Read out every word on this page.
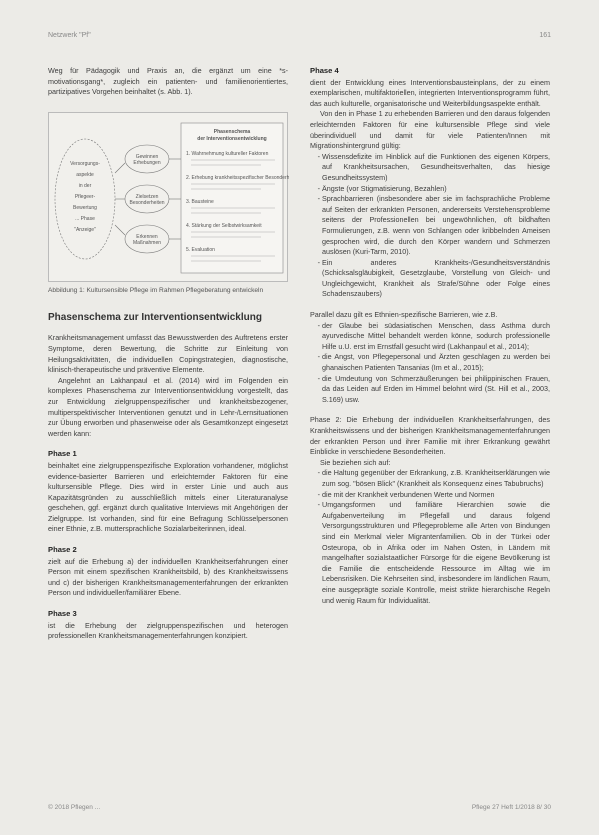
Netzwerk "Pf"	161

Weg für Pädagogik und Praxis an, die ergänzt um eine *s-motivationsgang*, zugleich ein patienten- und familienorientiertes, partizipatives Vorgehen beinhaltet (s. Abb. 1).

Versorgungs-
aspekte
in der
Pflegeer-
Bewertung
... Phase
"Anzeige"
Gewinnen
Erhebungen
Zielsetzen
Besonderheiten
Erkennen
Maßnahmen
Phasenschema
der Interventionsentwicklung
1. Wahrnehmung kultureller Faktoren
2. Erhebung krankheitsspezifischer Besonderheiten
3. Bausteine
4. Stärkung der Selbstwirksamkeit
5. Evaluation
Abbildung 1: Kultursensible Pflege im Rahmen Pflegeberatung entwickeln
Phasenschema zur Interventionsentwicklung

Krankheitsmanagement umfasst das Bewusstwerden des Auftretens erster Symptome, deren Bewertung, die Schritte zur Einleitung von Heilungsaktivitäten, die individuellen Copingstrategien, diagnostische, klinisch-therapeutische und präventive Elemente.

Angelehnt an Lakhanpaul et al. (2014) wird im Folgenden ein komplexes Phasenschema zur Interventionsentwicklung vorgestellt, das zur Entwicklung zielgruppenspezifischer und krankheitsbezogener, multiperspektivischer Interventionen genutzt und in Lehr-/Lernsituationen zur Übung erworben und phasenweise oder als Gesamtkonzept eingesetzt werden kann:

Phase 1

beinhaltet eine zielgruppenspezifische Exploration vorhandener, möglichst evidence-basierter Barrieren und erleichternder Faktoren für eine kultursensible Pflege. Dies wird in erster Linie und auch aus Kapazitätsgründen zu ausschließlich mittels einer Literaturanalyse geschehen, ggf. ergänzt durch qualitative Interviews mit Angehörigen der Zielgruppe. Ist vorhanden, sind für eine Befragung Schlüsselpersonen einer Ethnie, z.B. muttersprachliche Sozialarbeiterinnen, ideal.

Phase 2

zielt auf die Erhebung a) der individuellen Krankheitserfahrungen einer Person mit einem spezifischen Krankheitsbild, b) des Krankheitswissens und c) der bisherigen Krankheitsmanagementerfahrungen der erkrankten Person und individueller/familiärer Ebene.

Phase 3

ist die Erhebung der zielgruppenspezifischen und heterogen professionellen Krankheitsmanagementerfahrungen konzipiert.

Phase 4

dient der Entwicklung eines Interventionsbausteinplans, der zu einem exemplarischen, multifaktoriellen, integrierten Interventionsprogramm führt, das auch kulturelle, organisatorische und Weiterbildungsaspekte enthält.

Von den in Phase 1 zu erhebenden Barrieren und den daraus folgenden erleichternden Faktoren für eine kultursensible Pflege sind viele überindividuell und damit für viele Patienten/Innen mit Migrationshintergrund gültig:

• Wissensdefizite im Hinblick auf die Funktionen des eigenen Körpers, auf Krankheitsursachen, Gesundheitsverhalten, das hiesige Gesundheitssystem)
• Ängste (vor Stigmatisierung, Bezahlen)
• Sprachbarrieren (insbesondere aber sie im fachsprachliche Probleme auf Seiten der erkrankten Personen, andererseits Verstehensprobleme seitens der Professionellen bei ungewöhnlichen, oft bildhaften Formulierungen, z.B. wenn von Schlangen oder kribbelnden Ameisen gesprochen wird, die durch den Körper wandern und Schmerzen auslösen (Kuri-Tarm, 2010).
• Ein anderes Krankheits-/Gesundheitsverständnis (Schicksalsgläubigkeit, Gesetzglaube, Vorstellung von Gleich- und Ungleichgewicht, Krankheit als Strafe/Sühne oder Folge eines Schadenszaubers)

Parallel dazu gilt es Ethnien-spezifische Barrieren, wie z.B.

• der Glaube bei südasiatischen Menschen, dass Asthma durch ayurvedische Mittel behandelt werden könne, sodurch professionelle Hilfe u.U. erst im Ernstfall gesucht wird (Lakhanpaul et al., 2014);
• die Angst, von Pflegepersonal und Ärzten geschlagen zu werden bei ghanaischen Patienten Tansanias (Im et al., 2015);
• die Umdeutung von Schmerzäußerungen bei philippinischen Frauen, da das Leiden auf Erden im Himmel belohnt wird (St. Hill et al., 2003, S.169) usw.

Phase 2: Die Erhebung der individuellen Krankheitserfahrungen, des Krankheitswissens und der bisherigen Krankheitsmanagementerfahrungen der erkrankten Person und ihrer Familie mit ihrer Erkrankung gewährt Einblicke in verschiedene Besonderheiten.

Sie beziehen sich auf:

• die Haltung gegenüber der Erkrankung, z.B. Krankheitserklärungen wie zum sog. "bösen Blick" (Krankheit als Konsequenz eines Tabubruchs)
• die mit der Krankheit verbundenen Werte und Normen
• Umgangsformen und familiäre Hierarchien sowie die Aufgabenverteilung im Pflegefall und daraus folgend Versorgungsstrukturen und Pflegeprobleme alle Arten von Bindungen sind ein Merkmal vieler Migrantenfamilien. Ob in der Türkei oder Osteuropa, ob in Afrika oder im Nahen Osten, in Ländern mit mangelhafter sozialstaatlicher Fürsorge für die eigene Bevölkerung ist die Familie die entscheidende Ressource im Alltag wie im Lebensrisiken. Die Kehrseiten sind, insbesondere im ländlichen Raum, eine ausgeprägte soziale Kontrolle, meist strikte hierarchische Regeln und wenig Raum für Individualität.
© 2018 Pflegen ...	Pflege 27 Heft 1/2018 8/ 30
